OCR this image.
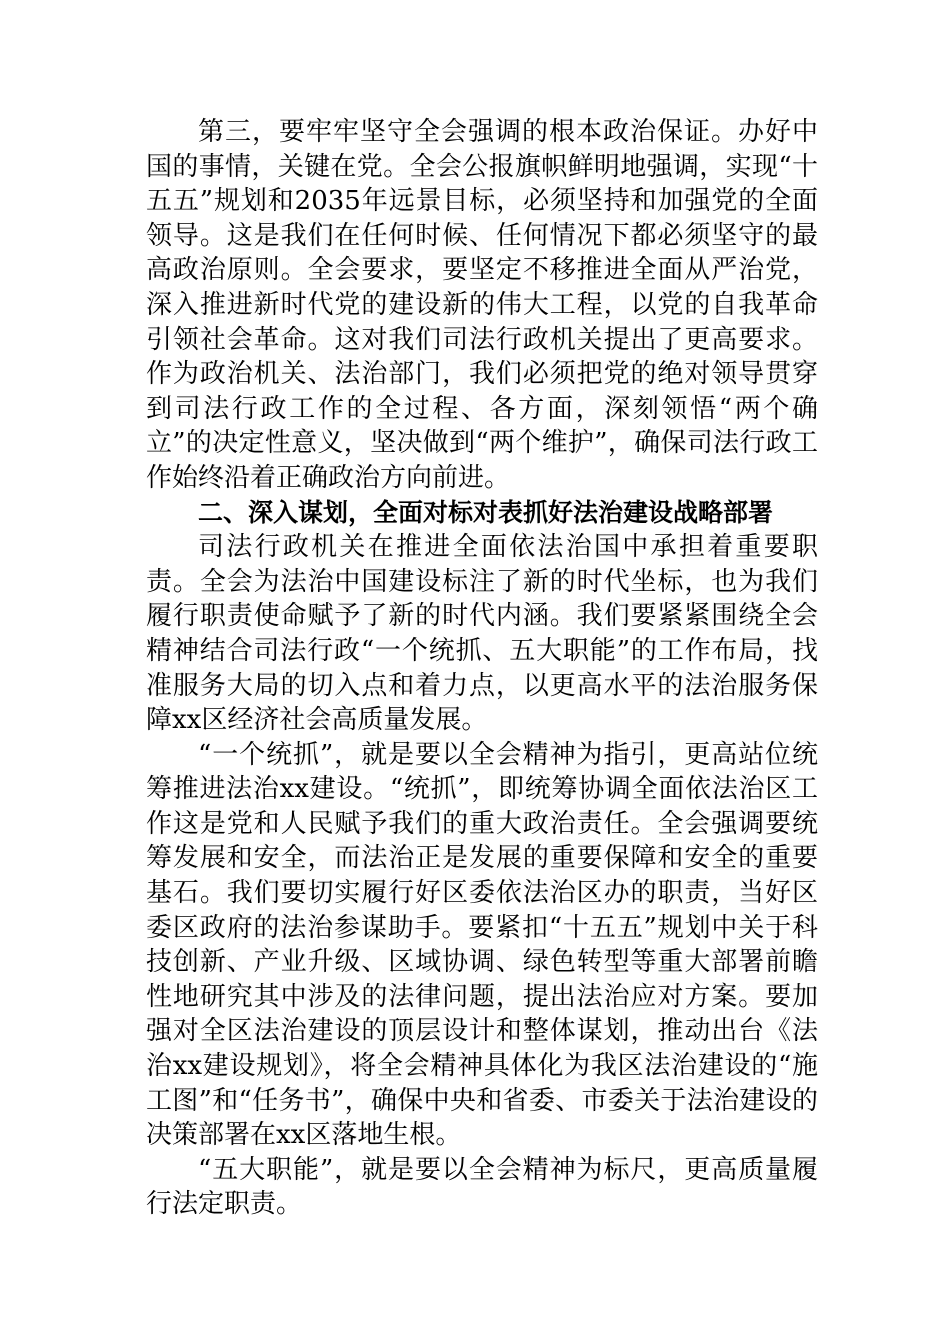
第三，要牢牢坚守全会强调的根本政治保证。办好中国的事情，关键在党。全会公报旗帜鲜明地强调，实现“十五五”规划和2035年远景目标，必须坚持和加强党的全面领导。这是我们在任何时候、任何情况下都必须坚守的最高政治原则。全会要求，要坚定不移推进全面从严治党，深入推进新时代党的建设新的伟大工程，以党的自我革命引领社会革命。这对我们司法行政机关提出了更高要求。作为政治机关、法治部门，我们必须把党的绝对领导贯穿到司法行政工作的全过程、各方面，深刻领悟“两个确立”的决定性意义，坚决做到“两个维护”，确保司法行政工作始终沿着正确政治方向前进。

二、深入谋划，全面对标对表抓好法治建设战略部署

司法行政机关在推进全面依法治国中承担着重要职责。全会为法治中国建设标注了新的时代坐标，也为我们履行职责使命赋予了新的时代内涵。我们要紧紧围绕全会精神结合司法行政“一个统抓、五大职能”的工作布局，找准服务大局的切入点和着力点，以更高水平的法治服务保障xx区经济社会高质量发展。

“一个统抓”，就是要以全会精神为指引，更高站位统筹推进法治xx建设。“统抓”，即统筹协调全面依法治区工作这是党和人民赋予我们的重大政治责任。全会强调要统筹发展和安全，而法治正是发展的重要保障和安全的重要基石。我们要切实履行好区委依法治区办的职责，当好区委区政府的法治参谋助手。要紧扣“十五五”规划中关于科技创新、产业升级、区域协调、绿色转型等重大部署前瞻性地研究其中涉及的法律问题，提出法治应对方案。要加强对全区法治建设的顶层设计和整体谋划，推动出台《法治xx建设规划》，将全会精神具体化为我区法治建设的“施工图”和“任务书”，确保中央和省委、市委关于法治建设的决策部署在xx区落地生根。

“五大职能”，就是要以全会精神为标尺，更高质量履行法定职责。
